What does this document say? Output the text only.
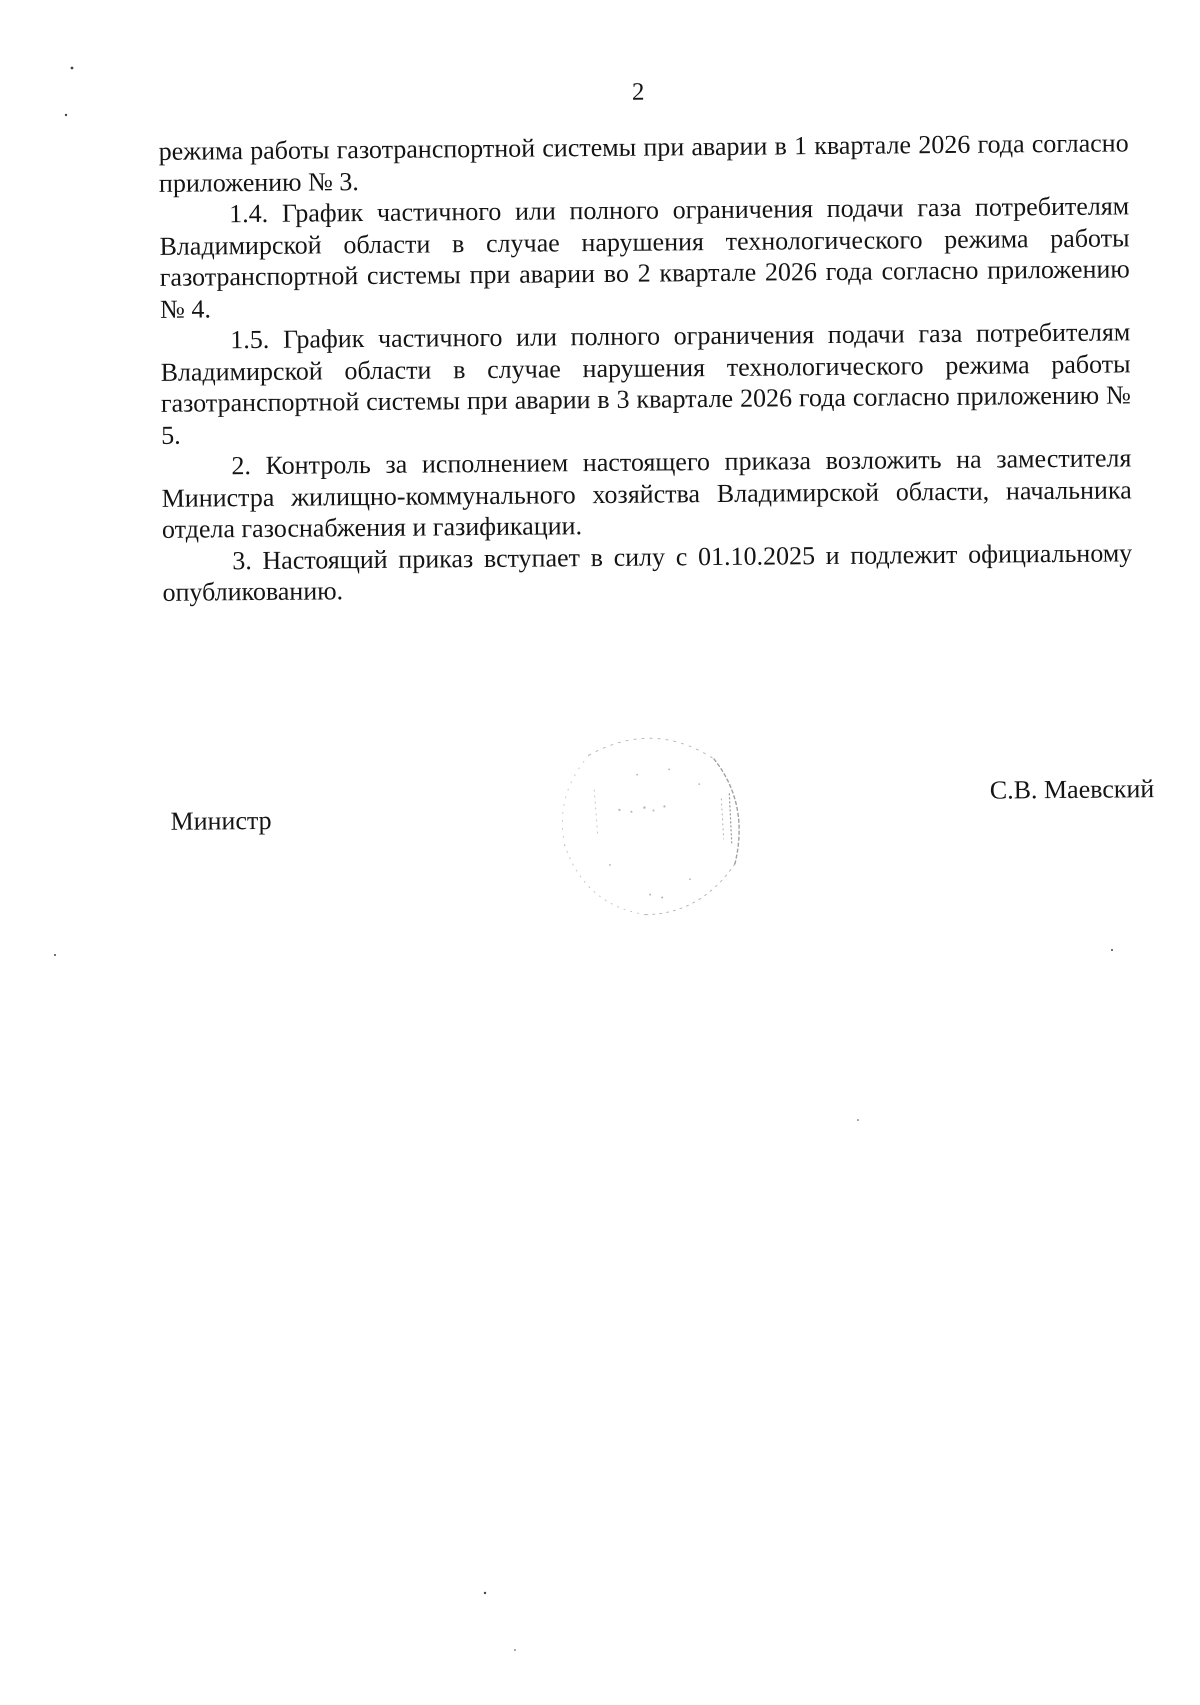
2

режима работы газотранспортной системы при аварии в 1 квартале 2026 года согласно приложению № 3.

1.4. График частичного или полного ограничения подачи газа потребителям Владимирской области в случае нарушения технологического режима работы газотранспортной системы при аварии во 2 квартале 2026 года согласно приложению № 4.

1.5. График частичного или полного ограничения подачи газа потребителям Владимирской области в случае нарушения технологического режима работы газотранспортной системы при аварии в 3 квартале 2026 года согласно приложению № 5.

2. Контроль за исполнением настоящего приказа возложить на заместителя Министра жилищно-коммунального хозяйства Владимирской области, начальника отдела газоснабжения и газификации.

3. Настоящий приказ вступает в силу с 01.10.2025 и подлежит официальному опубликованию.

Министр
С.В. Маевский
